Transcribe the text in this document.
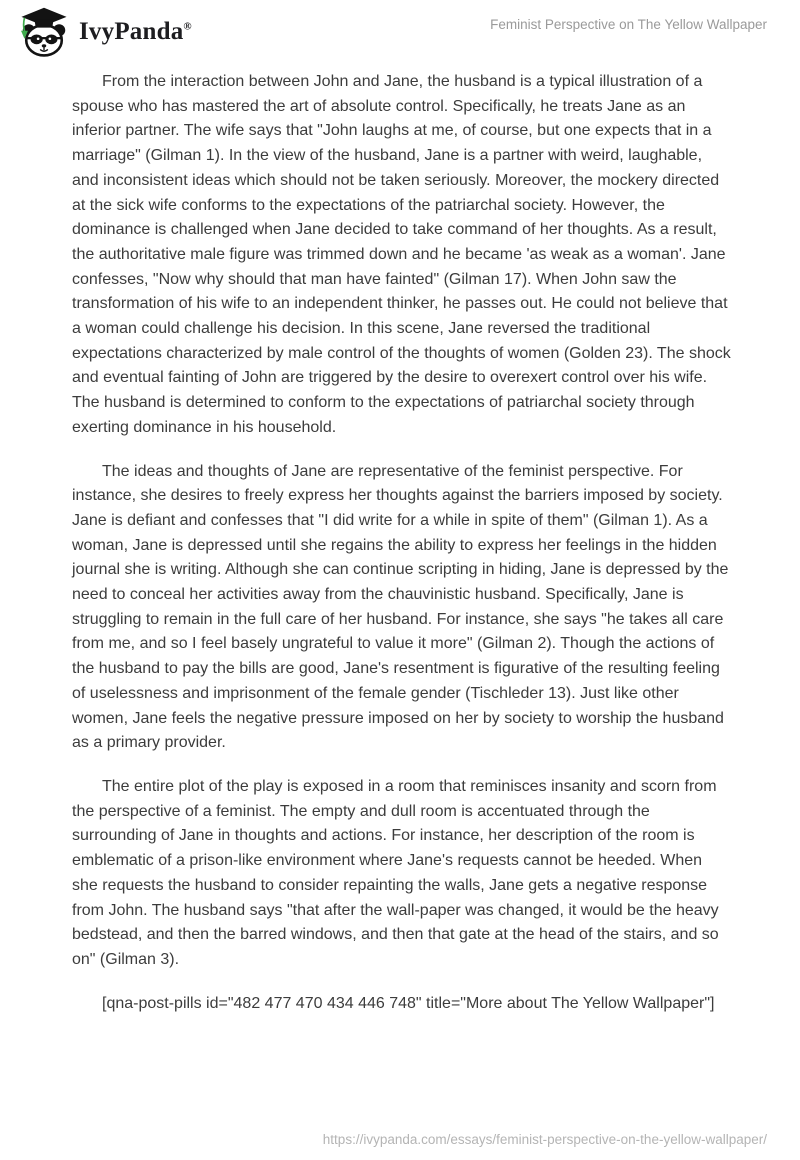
IvyPanda®	Feminist Perspective on The Yellow Wallpaper

From the interaction between John and Jane, the husband is a typical illustration of a spouse who has mastered the art of absolute control. Specifically, he treats Jane as an inferior partner. The wife says that "John laughs at me, of course, but one expects that in a marriage" (Gilman 1). In the view of the husband, Jane is a partner with weird, laughable, and inconsistent ideas which should not be taken seriously. Moreover, the mockery directed at the sick wife conforms to the expectations of the patriarchal society. However, the dominance is challenged when Jane decided to take command of her thoughts. As a result, the authoritative male figure was trimmed down and he became 'as weak as a woman'. Jane confesses, "Now why should that man have fainted" (Gilman 17). When John saw the transformation of his wife to an independent thinker, he passes out. He could not believe that a woman could challenge his decision. In this scene, Jane reversed the traditional expectations characterized by male control of the thoughts of women (Golden 23). The shock and eventual fainting of John are triggered by the desire to overexert control over his wife. The husband is determined to conform to the expectations of patriarchal society through exerting dominance in his household.

The ideas and thoughts of Jane are representative of the feminist perspective. For instance, she desires to freely express her thoughts against the barriers imposed by society. Jane is defiant and confesses that "I did write for a while in spite of them" (Gilman 1). As a woman, Jane is depressed until she regains the ability to express her feelings in the hidden journal she is writing. Although she can continue scripting in hiding, Jane is depressed by the need to conceal her activities away from the chauvinistic husband. Specifically, Jane is struggling to remain in the full care of her husband. For instance, she says "he takes all care from me, and so I feel basely ungrateful to value it more" (Gilman 2). Though the actions of the husband to pay the bills are good, Jane's resentment is figurative of the resulting feeling of uselessness and imprisonment of the female gender (Tischleder 13). Just like other women, Jane feels the negative pressure imposed on her by society to worship the husband as a primary provider.

The entire plot of the play is exposed in a room that reminisces insanity and scorn from the perspective of a feminist. The empty and dull room is accentuated through the surrounding of Jane in thoughts and actions. For instance, her description of the room is emblematic of a prison-like environment where Jane's requests cannot be heeded. When she requests the husband to consider repainting the walls, Jane gets a negative response from John. The husband says "that after the wall-paper was changed, it would be the heavy bedstead, and then the barred windows, and then that gate at the head of the stairs, and so on" (Gilman 3).

[qna-post-pills id="482 477 470 434 446 748" title="More about The Yellow Wallpaper"]

https://ivypanda.com/essays/feminist-perspective-on-the-yellow-wallpaper/
